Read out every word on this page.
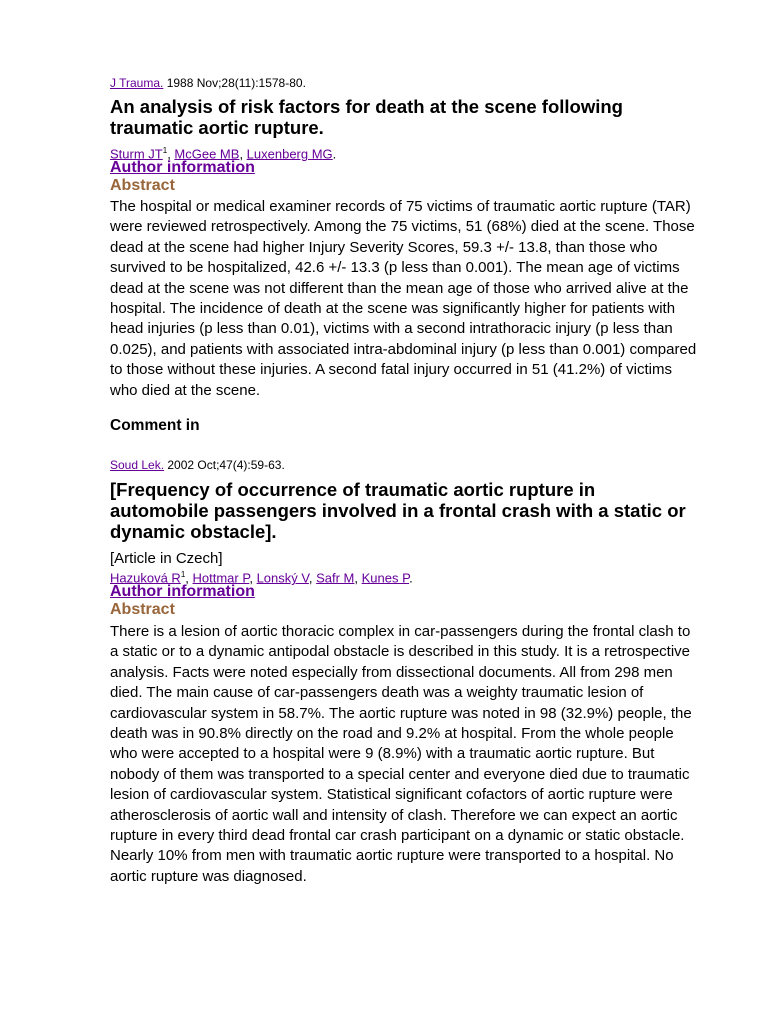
J Trauma. 1988 Nov;28(11):1578-80.
An analysis of risk factors for death at the scene following traumatic aortic rupture.
Sturm $JT^1$, McGee MB, Luxenberg MG.
Author information
Abstract

The hospital or medical examiner records of 75 victims of traumatic aortic rupture (TAR) were reviewed retrospectively. Among the 75 victims, 51 (68%) died at the scene. Those dead at the scene had higher Injury Severity Scores, 59.3 +/- 13.8, than those who survived to be hospitalized, 42.6 +/- 13.3 (p less than 0.001). The mean age of victims dead at the scene was not different than the mean age of those who arrived alive at the hospital. The incidence of death at the scene was significantly higher for patients with head injuries (p less than 0.01), victims with a second intrathoracic injury (p less than 0.025), and patients with associated intra-abdominal injury (p less than 0.001) compared to those without these injuries. A second fatal injury occurred in 51 (41.2%) of victims who died at the scene.

Comment in
Soud Lek. 2002 Oct;47(4):59-63.
[Frequency of occurrence of traumatic aortic rupture in automobile passengers involved in a frontal crash with a static or dynamic obstacle].
[Article in Czech]
Hazuková $R^1$, Hottmar P, Lonský V, Safr M, Kunes P.
Author information
Abstract

There is a lesion of aortic thoracic complex in car-passengers during the frontal clash to a static or to a dynamic antipodal obstacle is described in this study. It is a retrospective analysis. Facts were noted especially from dissectional documents. All from 298 men died. The main cause of car-passengers death was a weighty traumatic lesion of cardiovascular system in 58.7%. The aortic rupture was noted in 98 (32.9%) people, the death was in 90.8% directly on the road and 9.2% at hospital. From the whole people who were accepted to a hospital were 9 (8.9%) with a traumatic aortic rupture. But nobody of them was transported to a special center and everyone died due to traumatic lesion of cardiovascular system. Statistical significant cofactors of aortic rupture were atherosclerosis of aortic wall and intensity of clash. Therefore we can expect an aortic rupture in every third dead frontal car crash participant on a dynamic or static obstacle. Nearly 10% from men with traumatic aortic rupture were transported to a hospital. No aortic rupture was diagnosed.
